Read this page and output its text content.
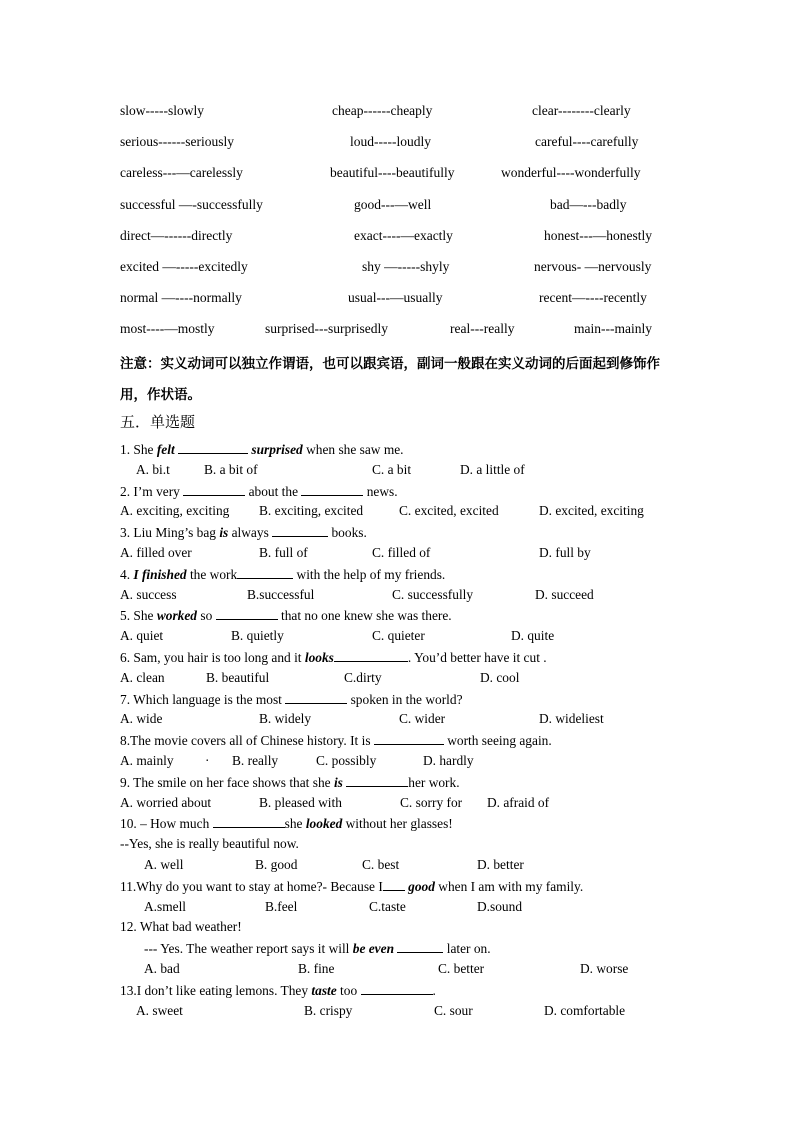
slow-----slowly	cheap------cheaply	clear--------clearly
serious------seriously	loud-----loudly	careful----carefully
careless---—carelessly	beautiful----beautifully	wonderful----wonderfully
successful —-successfully	good---—well	bad—---badly
direct—------directly	exact----—exactly	honest---—honestly
excited —-----excitedly	shy —-----shyly	nervous- —nervously
normal —----normally	usual---—usually	recent—----recently
most----—mostly	surprised---surprisedly	real---really	main---mainly
注意：实义动词可以独立作谓语，也可以跟宾语，副词一般跟在实义动词的后面起到修饰作用，作状语。
五．单选题
1. She felt	surprised when she saw me.
A. bi.t	B. a bit of	C. a bit	D. a little of
2. I’m very	about the	news.
A. exciting, exciting B. exciting, excited	C. excited, excited	D. excited, exciting
3. Liu Ming’s bag is always	books.
A. filled over	B. full of	C. filled of	D. full by
4. I finished the work	with the help of my friends.
A. success	B.successful	C. successfully	D. succeed
5. She worked so	that no one knew she was there.
A. quiet	B. quietly	C. quieter	D. quite
6. Sam, you hair is too long and it looks	. You’d better have it cut .
A. clean	B. beautiful	C.dirty	D. cool
7. Which language is the most	spoken in the world?
A. wide	B. widely	C. wider	D. wideliest
8.The movie covers all of Chinese history. It is	worth seeing again.
A. mainly · B. really	C. possibly	D. hardly
9. The smile on her face shows that she is	her work.
A. worried about	B. pleased with	C. sorry for D. afraid of
10. – How much	she looked without her glasses!
--Yes, she is really beautiful now.
A. well	B. good	C. best	D. better
11.Why do you want to stay at home?- Because I good when I am with my family.
A.smell	B.feel	C.taste	D.sound
12. What bad weather!
--- Yes. The weather report says it will be even	later on.
A. bad	B. fine	C. better	D. worse
13.I don’t like eating lemons. They taste too	.
A. sweet	B. crispy	C. sour	D. comfortable
